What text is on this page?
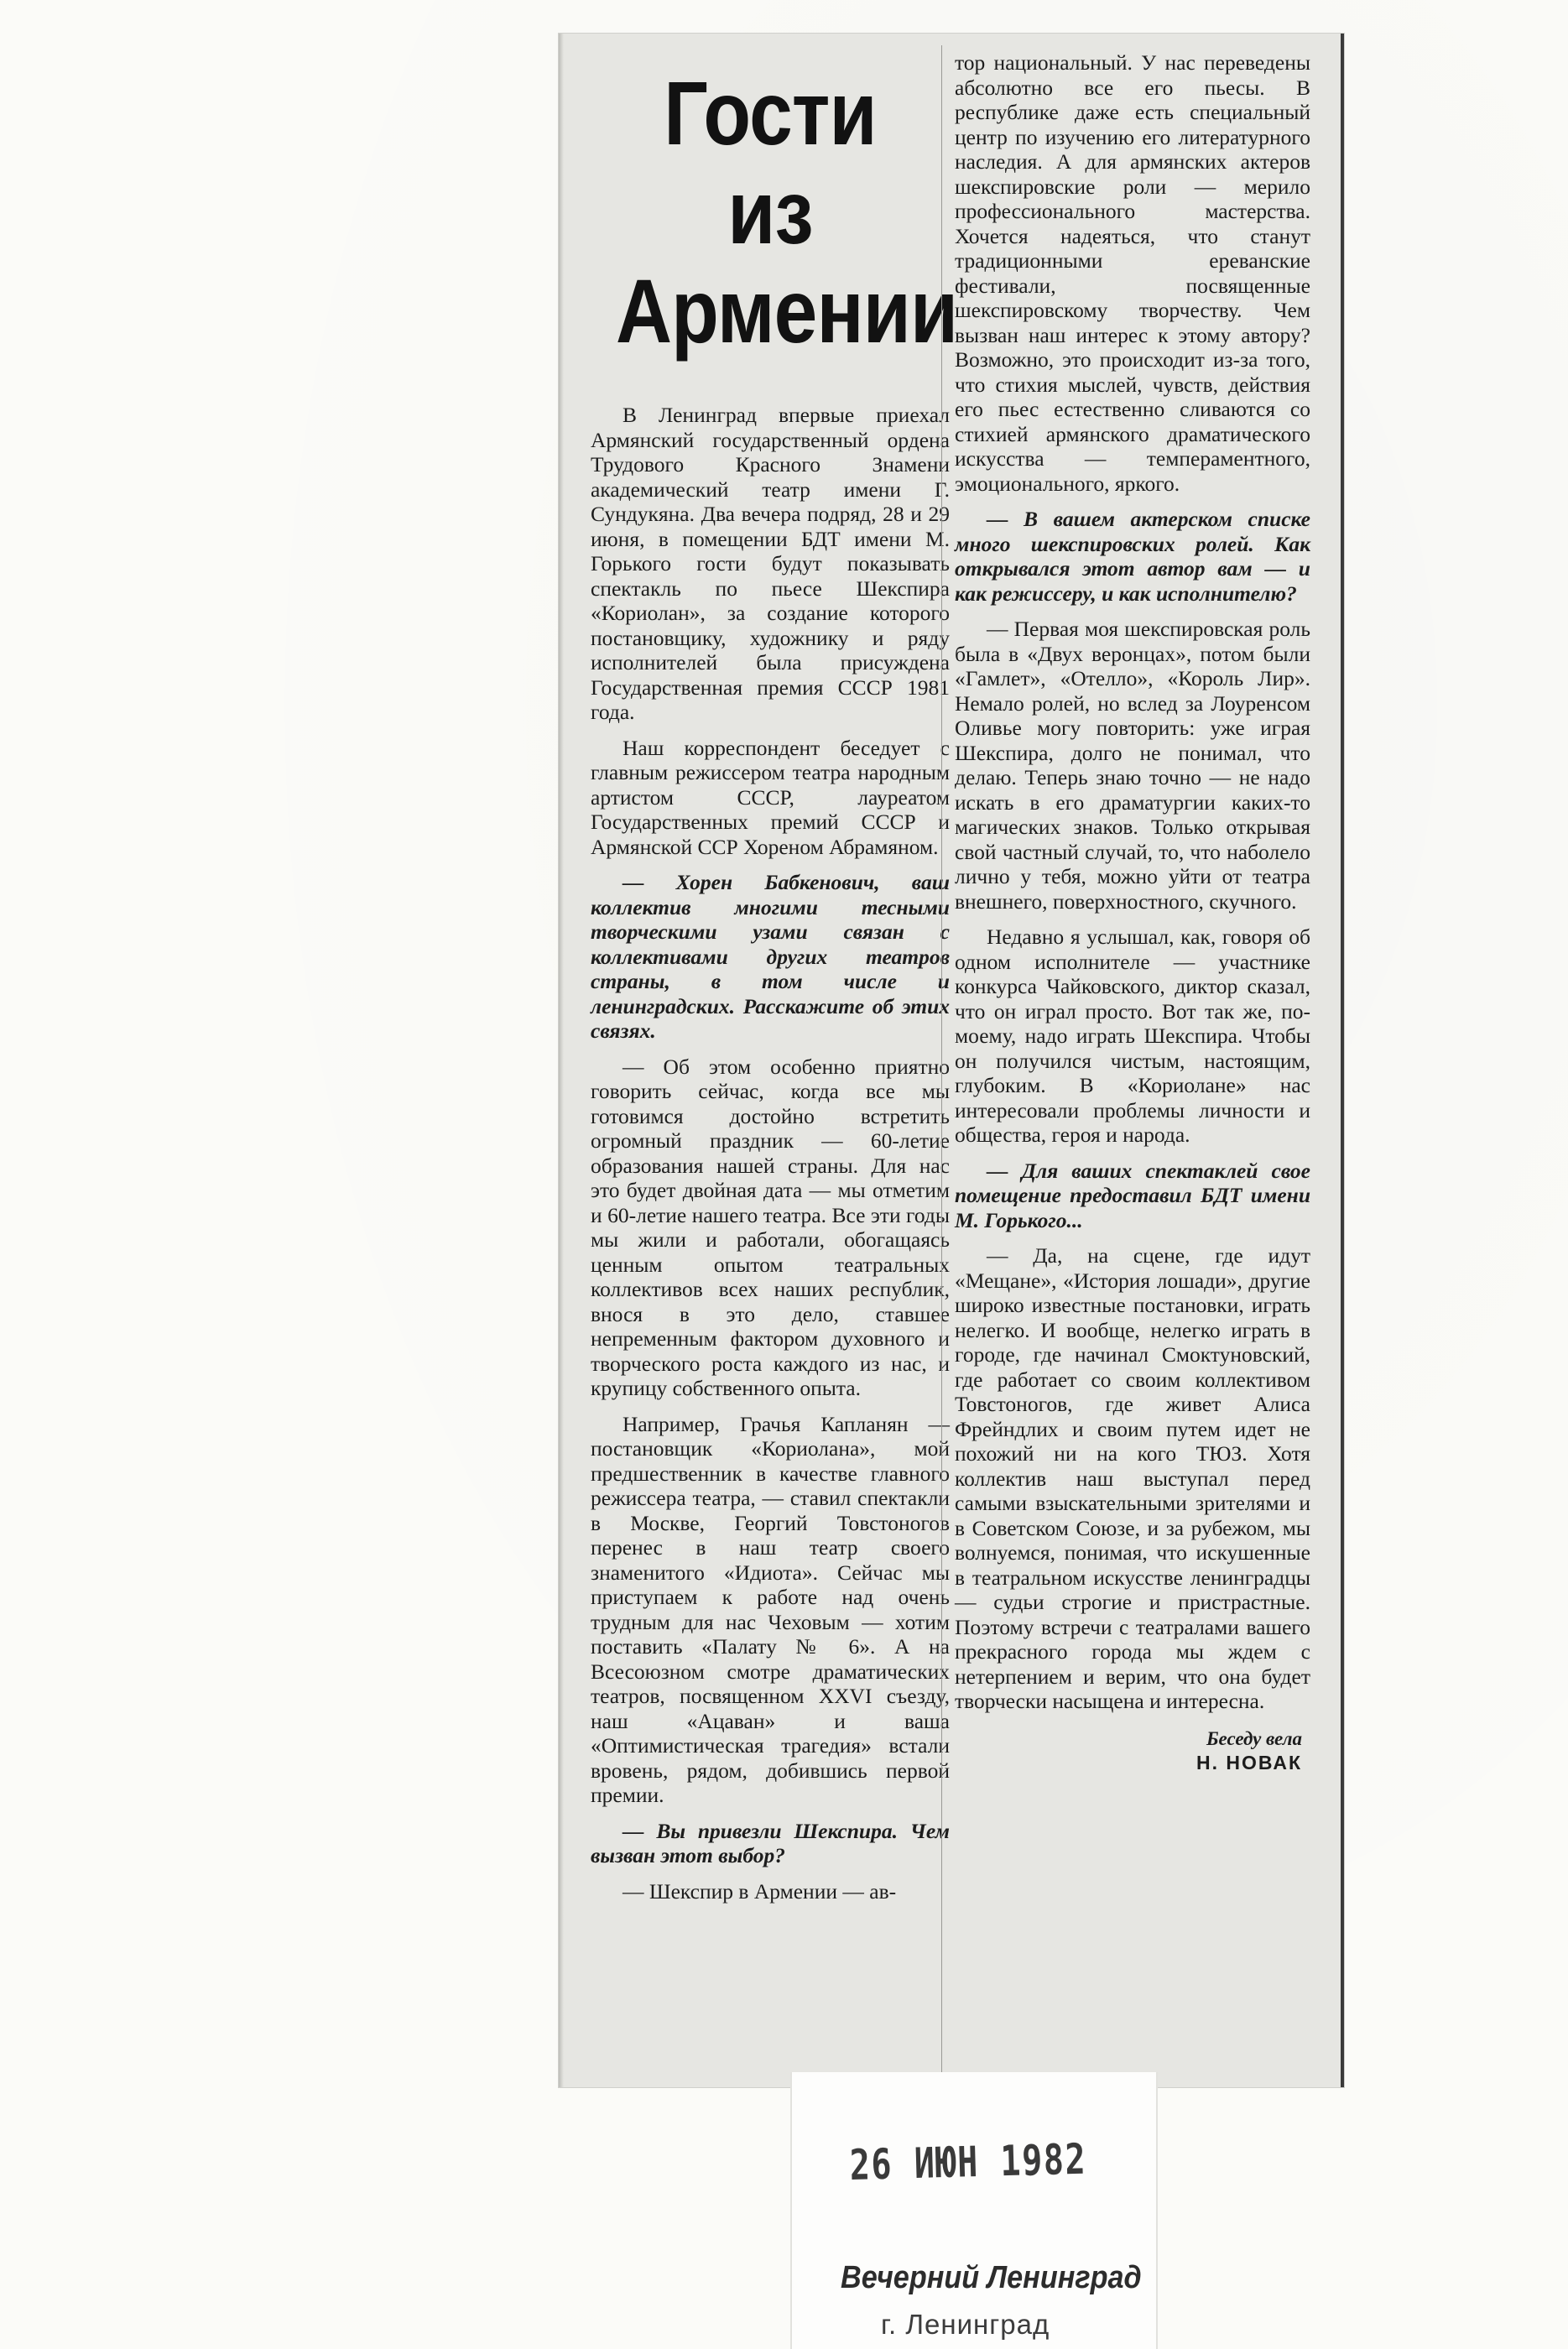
Гости
из
Армении

В Ленинград впервые приехал Армянский государственный ордена Трудового Красного Знамени академический театр имени Г. Сундукяна. Два вечера подряд, 28 и 29 июня, в помещении БДТ имени М. Горького гости будут показывать спектакль по пьесе Шекспира «Кориолан», за создание которого постановщику, художнику и ряду исполнителей была присуждена Государственная премия СССР 1981 года.

Наш корреспондент беседует с главным режиссером театра народным артистом СССР, лауреатом Государственных премий СССР и Армянской ССР Хореном Абрамяном.

— Хорен Бабкенович, ваш коллектив многими тесными творческими узами связан с коллективами других театров страны, в том числе и ленинградских. Расскажите об этих связях.

— Об этом особенно приятно говорить сейчас, когда все мы готовимся достойно встретить огромный праздник — 60-летие образования нашей страны. Для нас это будет двойная дата — мы отметим и 60-летие нашего театра. Все эти годы мы жили и работали, обогащаясь ценным опытом театральных коллективов всех наших республик, внося в это дело, ставшее непременным фактором духовного и творческого роста каждого из нас, и крупицу собственного опыта.

Например, Грачья Капланян — постановщик «Кориолана», мой предшественник в качестве главного режиссера театра, — ставил спектакли в Москве, Георгий Товстоногов перенес в наш театр своего знаменитого «Идиота». Сейчас мы приступаем к работе над очень трудным для нас Чеховым — хотим поставить «Палату № 6». А на Всесоюзном смотре драматических театров, посвященном XXVI съезду, наш «Ацаван» и ваша «Оптимистическая трагедия» встали вровень, рядом, добившись первой премии.

— Вы привезли Шекспира. Чем вызван этот выбор?

— Шекспир в Армении — ав-

тор национальный. У нас переведены абсолютно все его пьесы. В республике даже есть специальный центр по изучению его литературного наследия. А для армянских актеров шекспировские роли — мерило профессионального мастерства. Хочется надеяться, что станут традиционными ереванские фестивали, посвященные шекспировскому творчеству. Чем вызван наш интерес к этому автору? Возможно, это происходит из-за того, что стихия мыслей, чувств, действия его пьес естественно сливаются со стихией армянского драматического искусства — темпераментного, эмоционального, яркого.

— В вашем актерском списке много шекспировских ролей. Как открывался этот автор вам — и как режиссеру, и как исполнителю?

— Первая моя шекспировская роль была в «Двух веронцах», потом были «Гамлет», «Отелло», «Король Лир». Немало ролей, но вслед за Лоуренсом Оливье могу повторить: уже играя Шекспира, долго не понимал, что делаю. Теперь знаю точно — не надо искать в его драматургии каких-то магических знаков. Только открывая свой частный случай, то, что наболело лично у тебя, можно уйти от театра внешнего, поверхностного, скучного.

Недавно я услышал, как, говоря об одном исполнителе — участнике конкурса Чайковского, диктор сказал, что он играл просто. Вот так же, по-моему, надо играть Шекспира. Чтобы он получился чистым, настоящим, глубоким. В «Кориолане» нас интересовали проблемы личности и общества, героя и народа.

— Для ваших спектаклей свое помещение предоставил БДТ имени М. Горького...

— Да, на сцене, где идут «Мещане», «История лошади», другие широко известные постановки, играть нелегко. И вообще, нелегко играть в городе, где начинал Смоктуновский, где работает со своим коллективом Товстоногов, где живет Алиса Фрейндлих и своим путем идет не похожий ни на кого ТЮЗ. Хотя коллектив наш выступал перед самыми взыскательными зрителями и в Советском Союзе, и за рубежом, мы волнуемся, понимая, что искушенные в театральном искусстве ленинградцы — судьи строгие и пристрастные. Поэтому встречи с театралами вашего прекрасного города мы ждем с нетерпением и верим, что она будет творчески насыщена и интересна.

Беседу вела
Н. НОВАК
26 ИЮН 1982
Вечерний Ленинград
г. Ленинград
